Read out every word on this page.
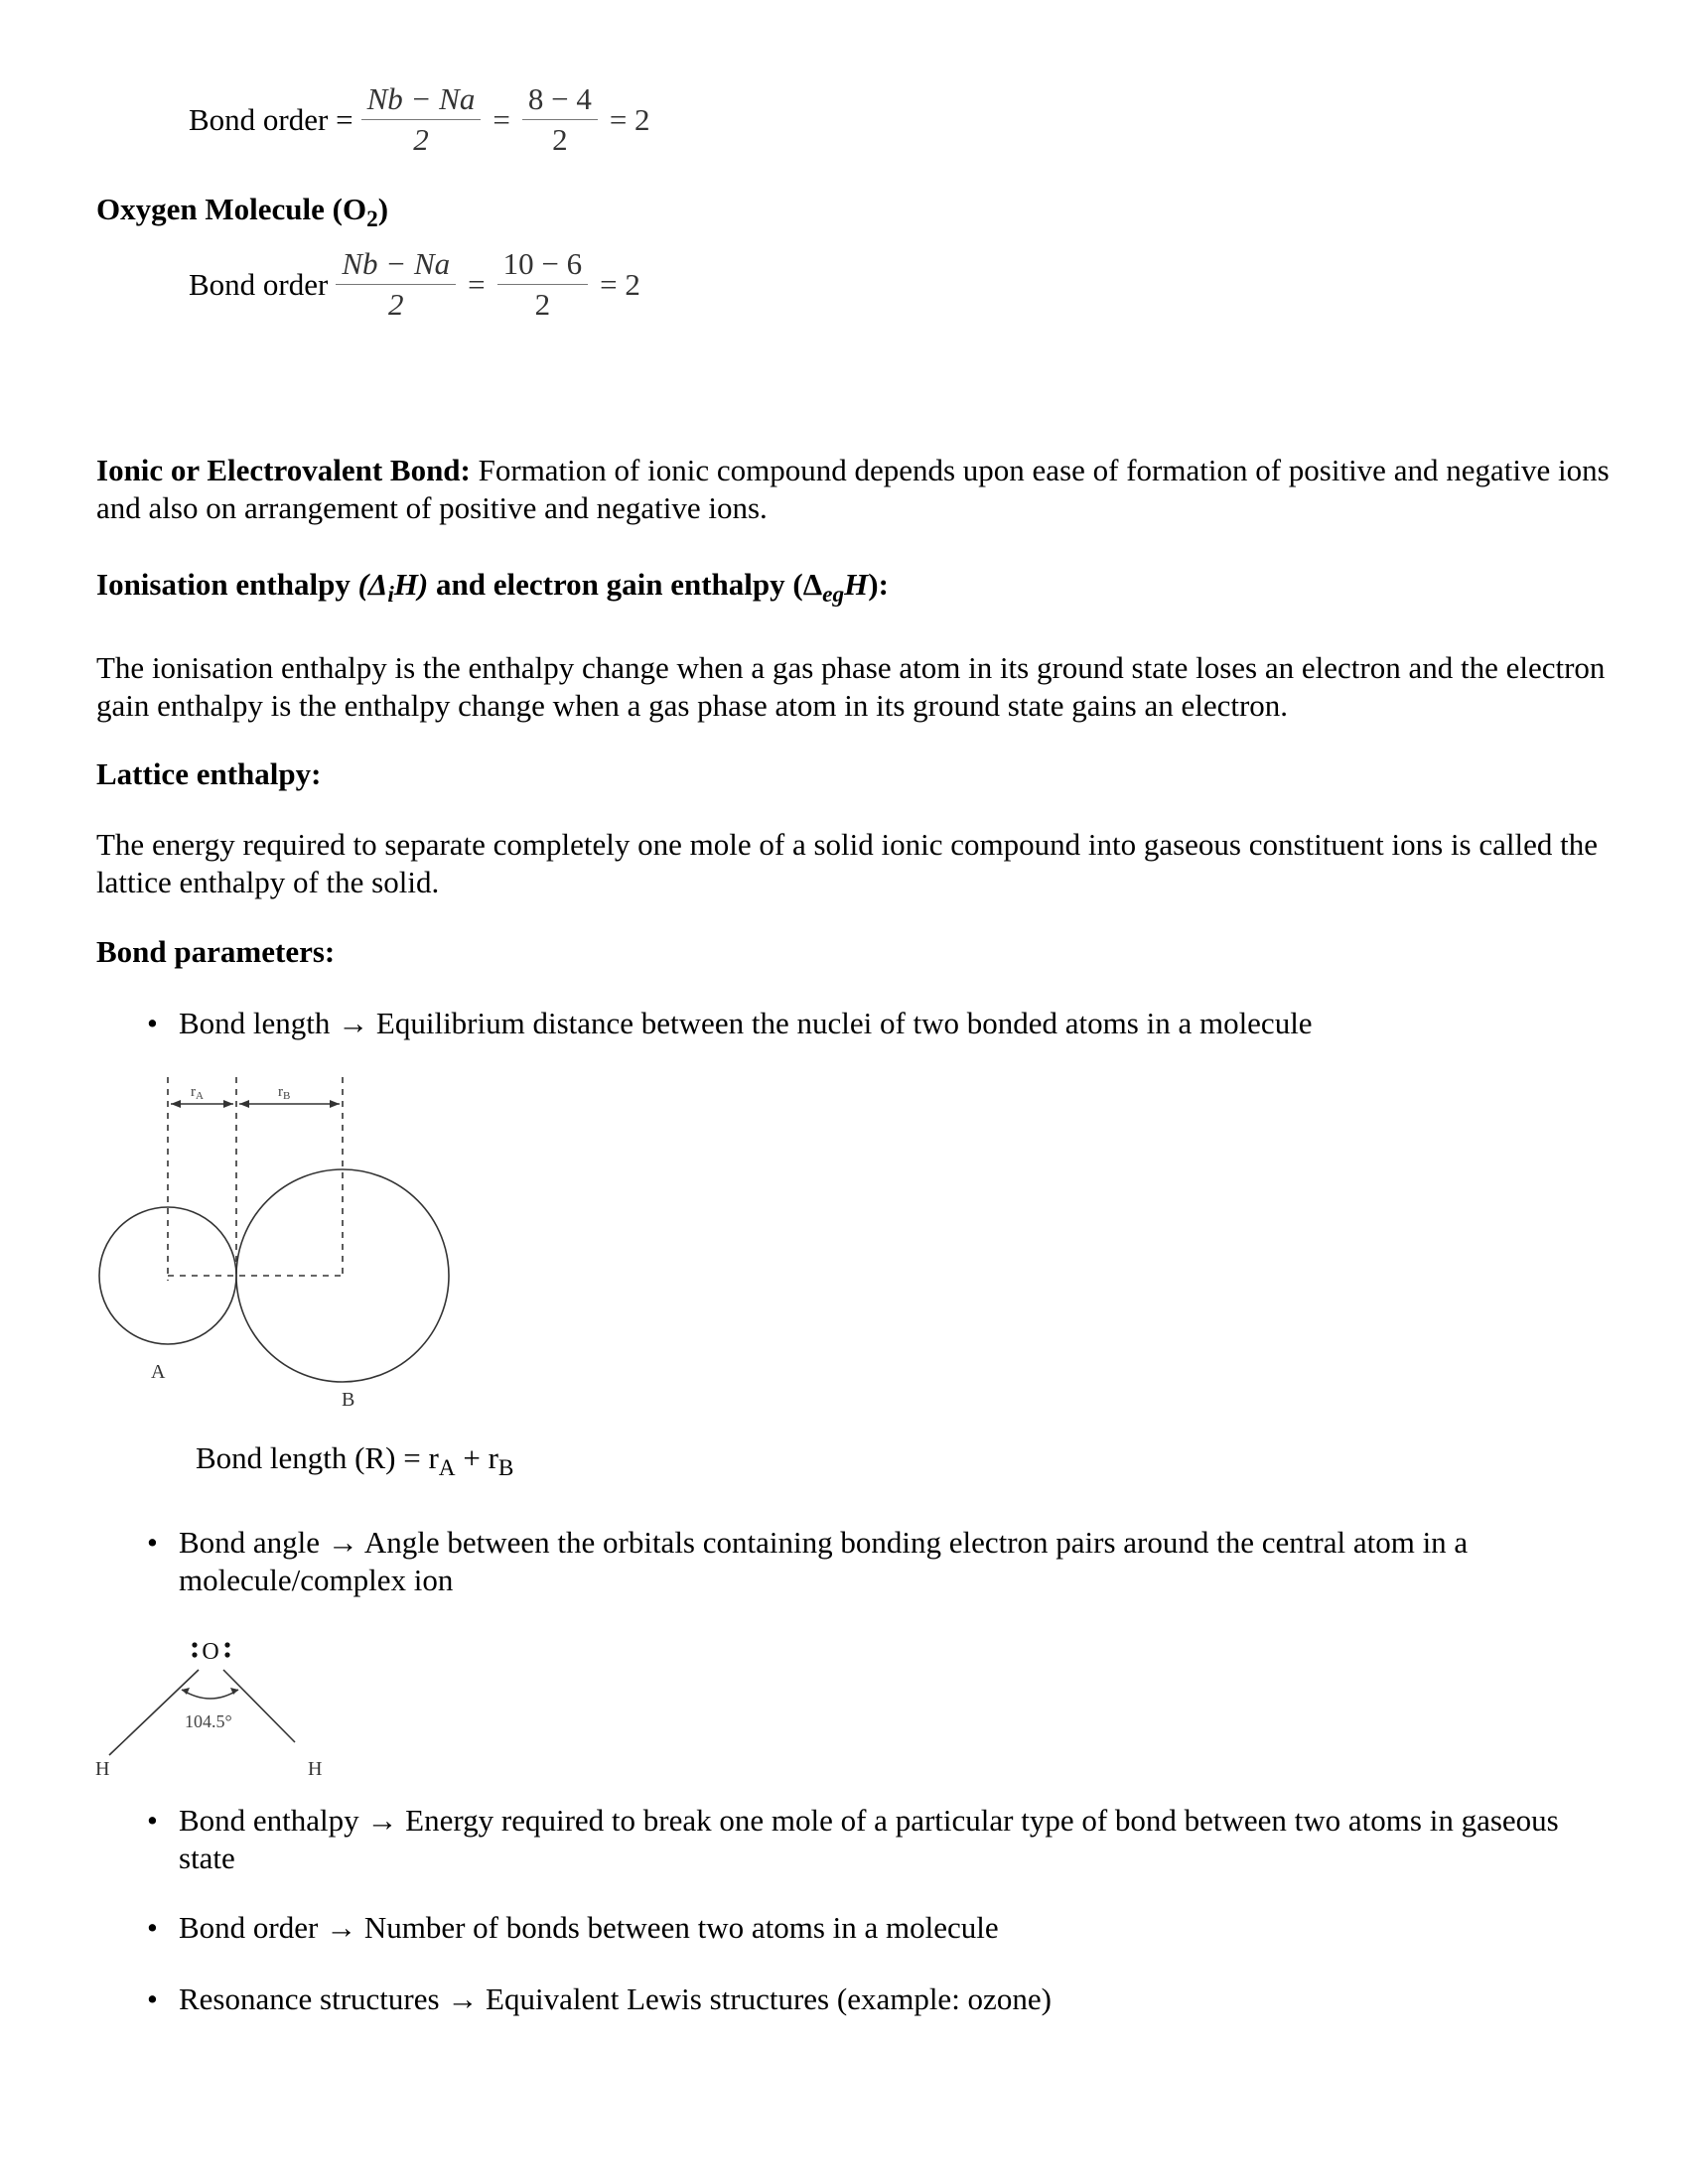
Bond order = $\frac{Nb - Na}{2} = \frac{8 - 4}{2} = 2$
Oxygen Molecule $(O_2)$
Bond order $\frac{Nb - Na}{2} = \frac{10 - 6}{2} = 2$
Ionic or Electrovalent Bond: Formation of ionic compound depends upon ease of formation of positive and negative ions and also on arrangement of positive and negative ions.
Ionisation enthalpy $(\Delta_iH)$ and electron gain enthalpy $(\Delta_{eg}H)$:
The ionisation enthalpy is the enthalpy change when a gas phase atom in its ground state loses an electron and the electron gain enthalpy is the enthalpy change when a gas phase atom in its ground state gains an electron.
Lattice enthalpy:
The energy required to separate completely one mole of a solid ionic compound into gaseous constituent ions is called the lattice enthalpy of the solid.
Bond parameters:
• Bond length → Equilibrium distance between the nuclei of two bonded atoms in a molecule
$r_A$	$r_B$
A
B
Bond length $(R) = r_A + r_B$
• Bond angle → Angle between the orbitals containing bonding electron pairs around the central atom in a molecule/complex ion
O
104.5°
H	H
• Bond enthalpy → Energy required to break one mole of a particular type of bond between two atoms in gaseous state
• Bond order → Number of bonds between two atoms in a molecule
• Resonance structures → Equivalent Lewis structures (example: ozone)
